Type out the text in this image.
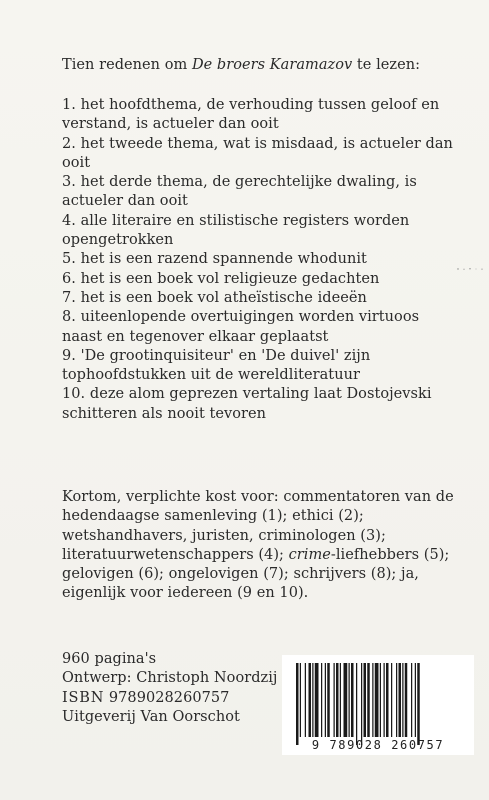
Tien redenen om De broers Karamazov te lezen:
1. het hoofdthema, de verhouding tussen geloof en verstand, is actueler dan ooit
2. het tweede thema, wat is misdaad, is actueler dan ooit
3. het derde thema, de gerechtelijke dwaling, is actueler dan ooit
4. alle literaire en stilistische registers worden opengetrokken
5. het is een razend spannende whodunit
6. het is een boek vol religieuze gedachten
7. het is een boek vol atheïstische ideeën
8. uiteenlopende overtuigingen worden virtuoos naast en tegenover elkaar geplaatst
9. 'De grootinquisiteur' en 'De duivel' zijn tophoofdstukken uit de wereldliteratuur
10. deze alom geprezen vertaling laat Dostojevski schitteren als nooit tevoren
Kortom, verplichte kost voor: commentatoren van de hedendaagse samenleving (1); ethici (2); wetshandhavers, juristen, criminologen (3); literatuurwetenschappers (4); crime-liefhebbers (5); gelovigen (6); ongelovigen (7); schrijvers (8); ja, eigenlijk voor iedereen (9 en 10).
960 pagina's
Ontwerp: Christoph Noordzij
ISBN 9789028260757
Uitgeverij Van Oorschot
9 789028 260757
